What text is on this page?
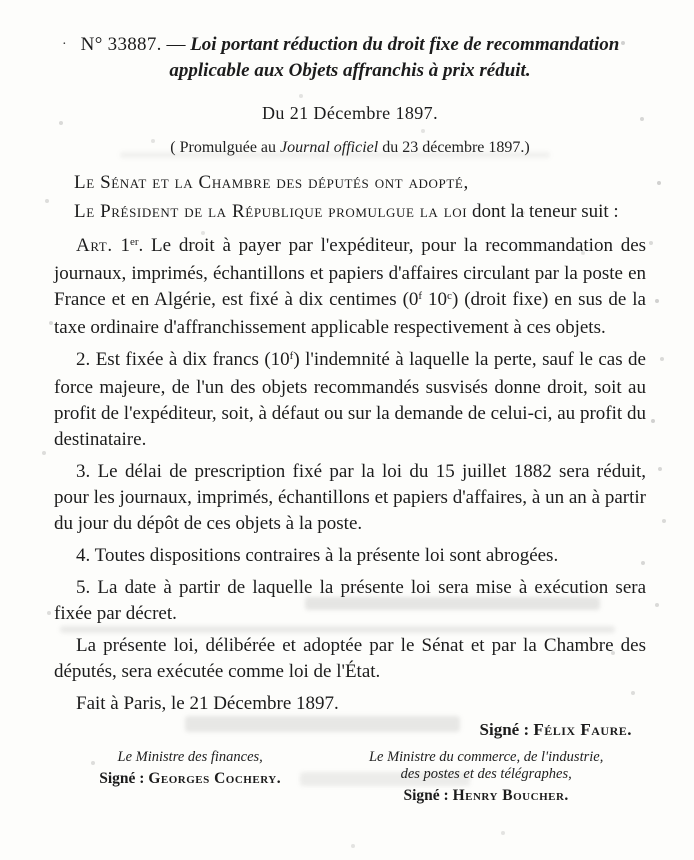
· N° 33887. — Loi portant réduction du droit fixe de recommandation
applicable aux Objets affranchis à prix réduit.
Du 21 Décembre 1897.
( Promulguée au Journal officiel du 23 décembre 1897.)
Le Sénat et la Chambre des députés ont adopté,

Le Président de la République promulgue la loi dont la teneur suit :

Art. 1er. Le droit à payer par l'expéditeur, pour la recommandation des journaux, imprimés, échantillons et papiers d'affaires circulant par la poste en France et en Algérie, est fixé à dix centimes (0$^f$ 10$^c$) (droit fixe) en sus de la taxe ordinaire d'affranchissement applicable respectivement à ces objets.

2. Est fixée à dix francs (10$^f$) l'indemnité à laquelle la perte, sauf le cas de force majeure, de l'un des objets recommandés susvisés donne droit, soit au profit de l'expéditeur, soit, à défaut ou sur la demande de celui-ci, au profit du destinataire.

3. Le délai de prescription fixé par la loi du 15 juillet 1882 sera réduit, pour les journaux, imprimés, échantillons et papiers d'affaires, à un an à partir du jour du dépôt de ces objets à la poste.

4. Toutes dispositions contraires à la présente loi sont abrogées.

5. La date à partir de laquelle la présente loi sera mise à exécution sera fixée par décret.

La présente loi, délibérée et adoptée par le Sénat et par la Chambre des députés, sera exécutée comme loi de l'État.

Fait à Paris, le 21 Décembre 1897.

Signé : Félix Faure.
Le Ministre des finances,
Signé : Georges Cochery.
Le Ministre du commerce, de l'industrie,
des postes et des télégraphes,
Signé : Henry Boucher.
